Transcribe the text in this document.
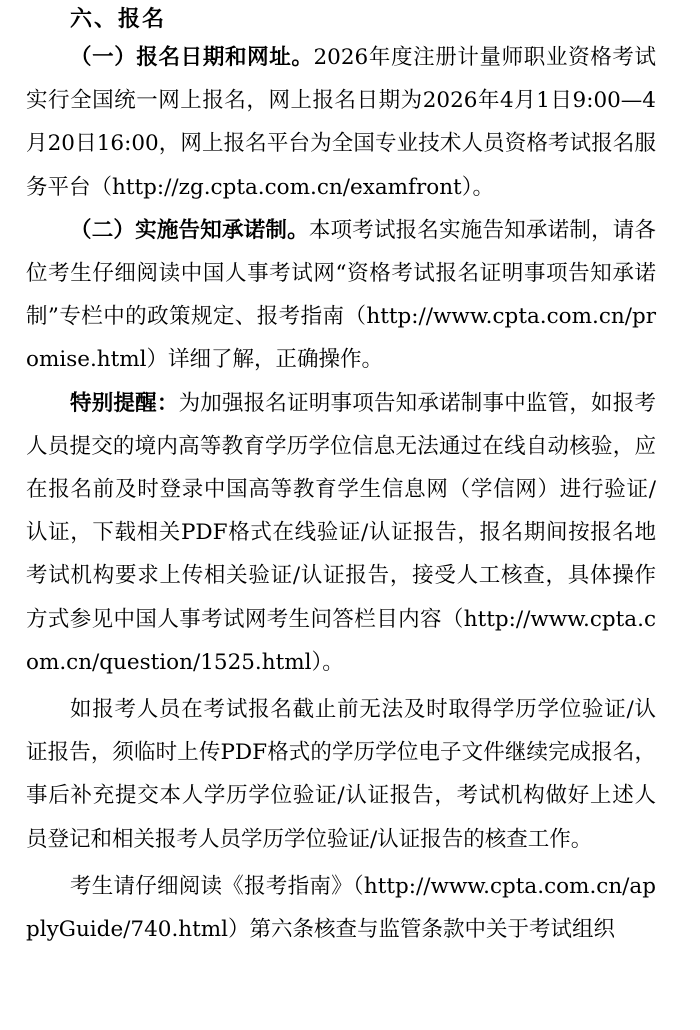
六、报名

（一）报名日期和网址。2026年度注册计量师职业资格考试实行全国统一网上报名，网上报名日期为2026年4月1日9:00—4月20日16:00，网上报名平台为全国专业技术人员资格考试报名服务平台（http://zg.cpta.com.cn/examfront）。

（二）实施告知承诺制。本项考试报名实施告知承诺制，请各位考生仔细阅读中国人事考试网“资格考试报名证明事项告知承诺制”专栏中的政策规定、报考指南（http://www.cpta.com.cn/promise.html）详细了解，正确操作。

特别提醒：为加强报名证明事项告知承诺制事中监管，如报考人员提交的境内高等教育学历学位信息无法通过在线自动核验，应在报名前及时登录中国高等教育学生信息网（学信网）进行验证/认证，下载相关PDF格式在线验证/认证报告，报名期间按报名地考试机构要求上传相关验证/认证报告，接受人工核查，具体操作方式参见中国人事考试网考生问答栏目内容（http://www.cpta.com.cn/question/1525.html）。

如报考人员在考试报名截止前无法及时取得学历学位验证/认证报告，须临时上传PDF格式的学历学位电子文件继续完成报名，事后补充提交本人学历学位验证/认证报告，考试机构做好上述人员登记和相关报考人员学历学位验证/认证报告的核查工作。

考生请仔细阅读《报考指南》（http://www.cpta.com.cn/applyGuide/740.html）第六条核查与监管条款中关于考试组织
